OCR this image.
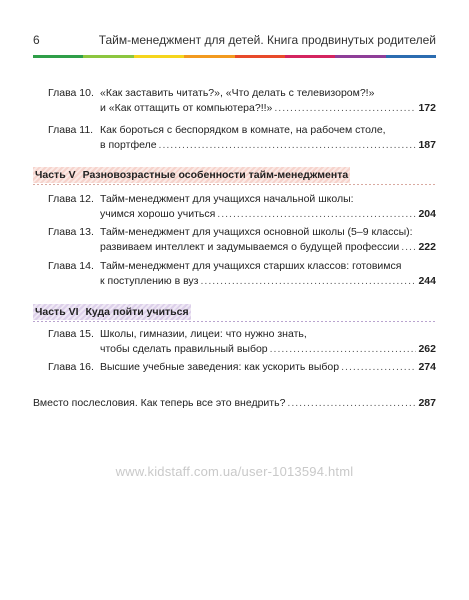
6	Тайм-менеджмент для детей. Книга продвинутых родителей
Глава 10. «Как заставить читать?», «Что делать с телевизором?!»
и «Как оттащить от компьютера?!!» .....	172
Глава 11. Как бороться с беспорядком в комнате, на рабочем столе,
в портфеле .....	187
Часть V Разновозрастные особенности тайм-менеджмента
Глава 12. Тайм-менеджмент для учащихся начальной школы:
учимся хорошо учиться .....	204
Глава 13. Тайм-менеджмент для учащихся основной школы (5–9 классы):
развиваем интеллект и задумываемся о будущей профессии ..... 222
Глава 14. Тайм-менеджмент для учащихся старших классов: готовимся
к поступлению в вуз .....	244
Часть VI Куда пойти учиться
Глава 15. Школы, гимназии, лицеи: что нужно знать,
чтобы сделать правильный выбор .....	262
Глава 16. Высшие учебные заведения: как ускорить выбор .....	274
Вместо послесловия. Как теперь все это внедрить? .....	287
www.kidstaff.com.ua/user-1013594.html
